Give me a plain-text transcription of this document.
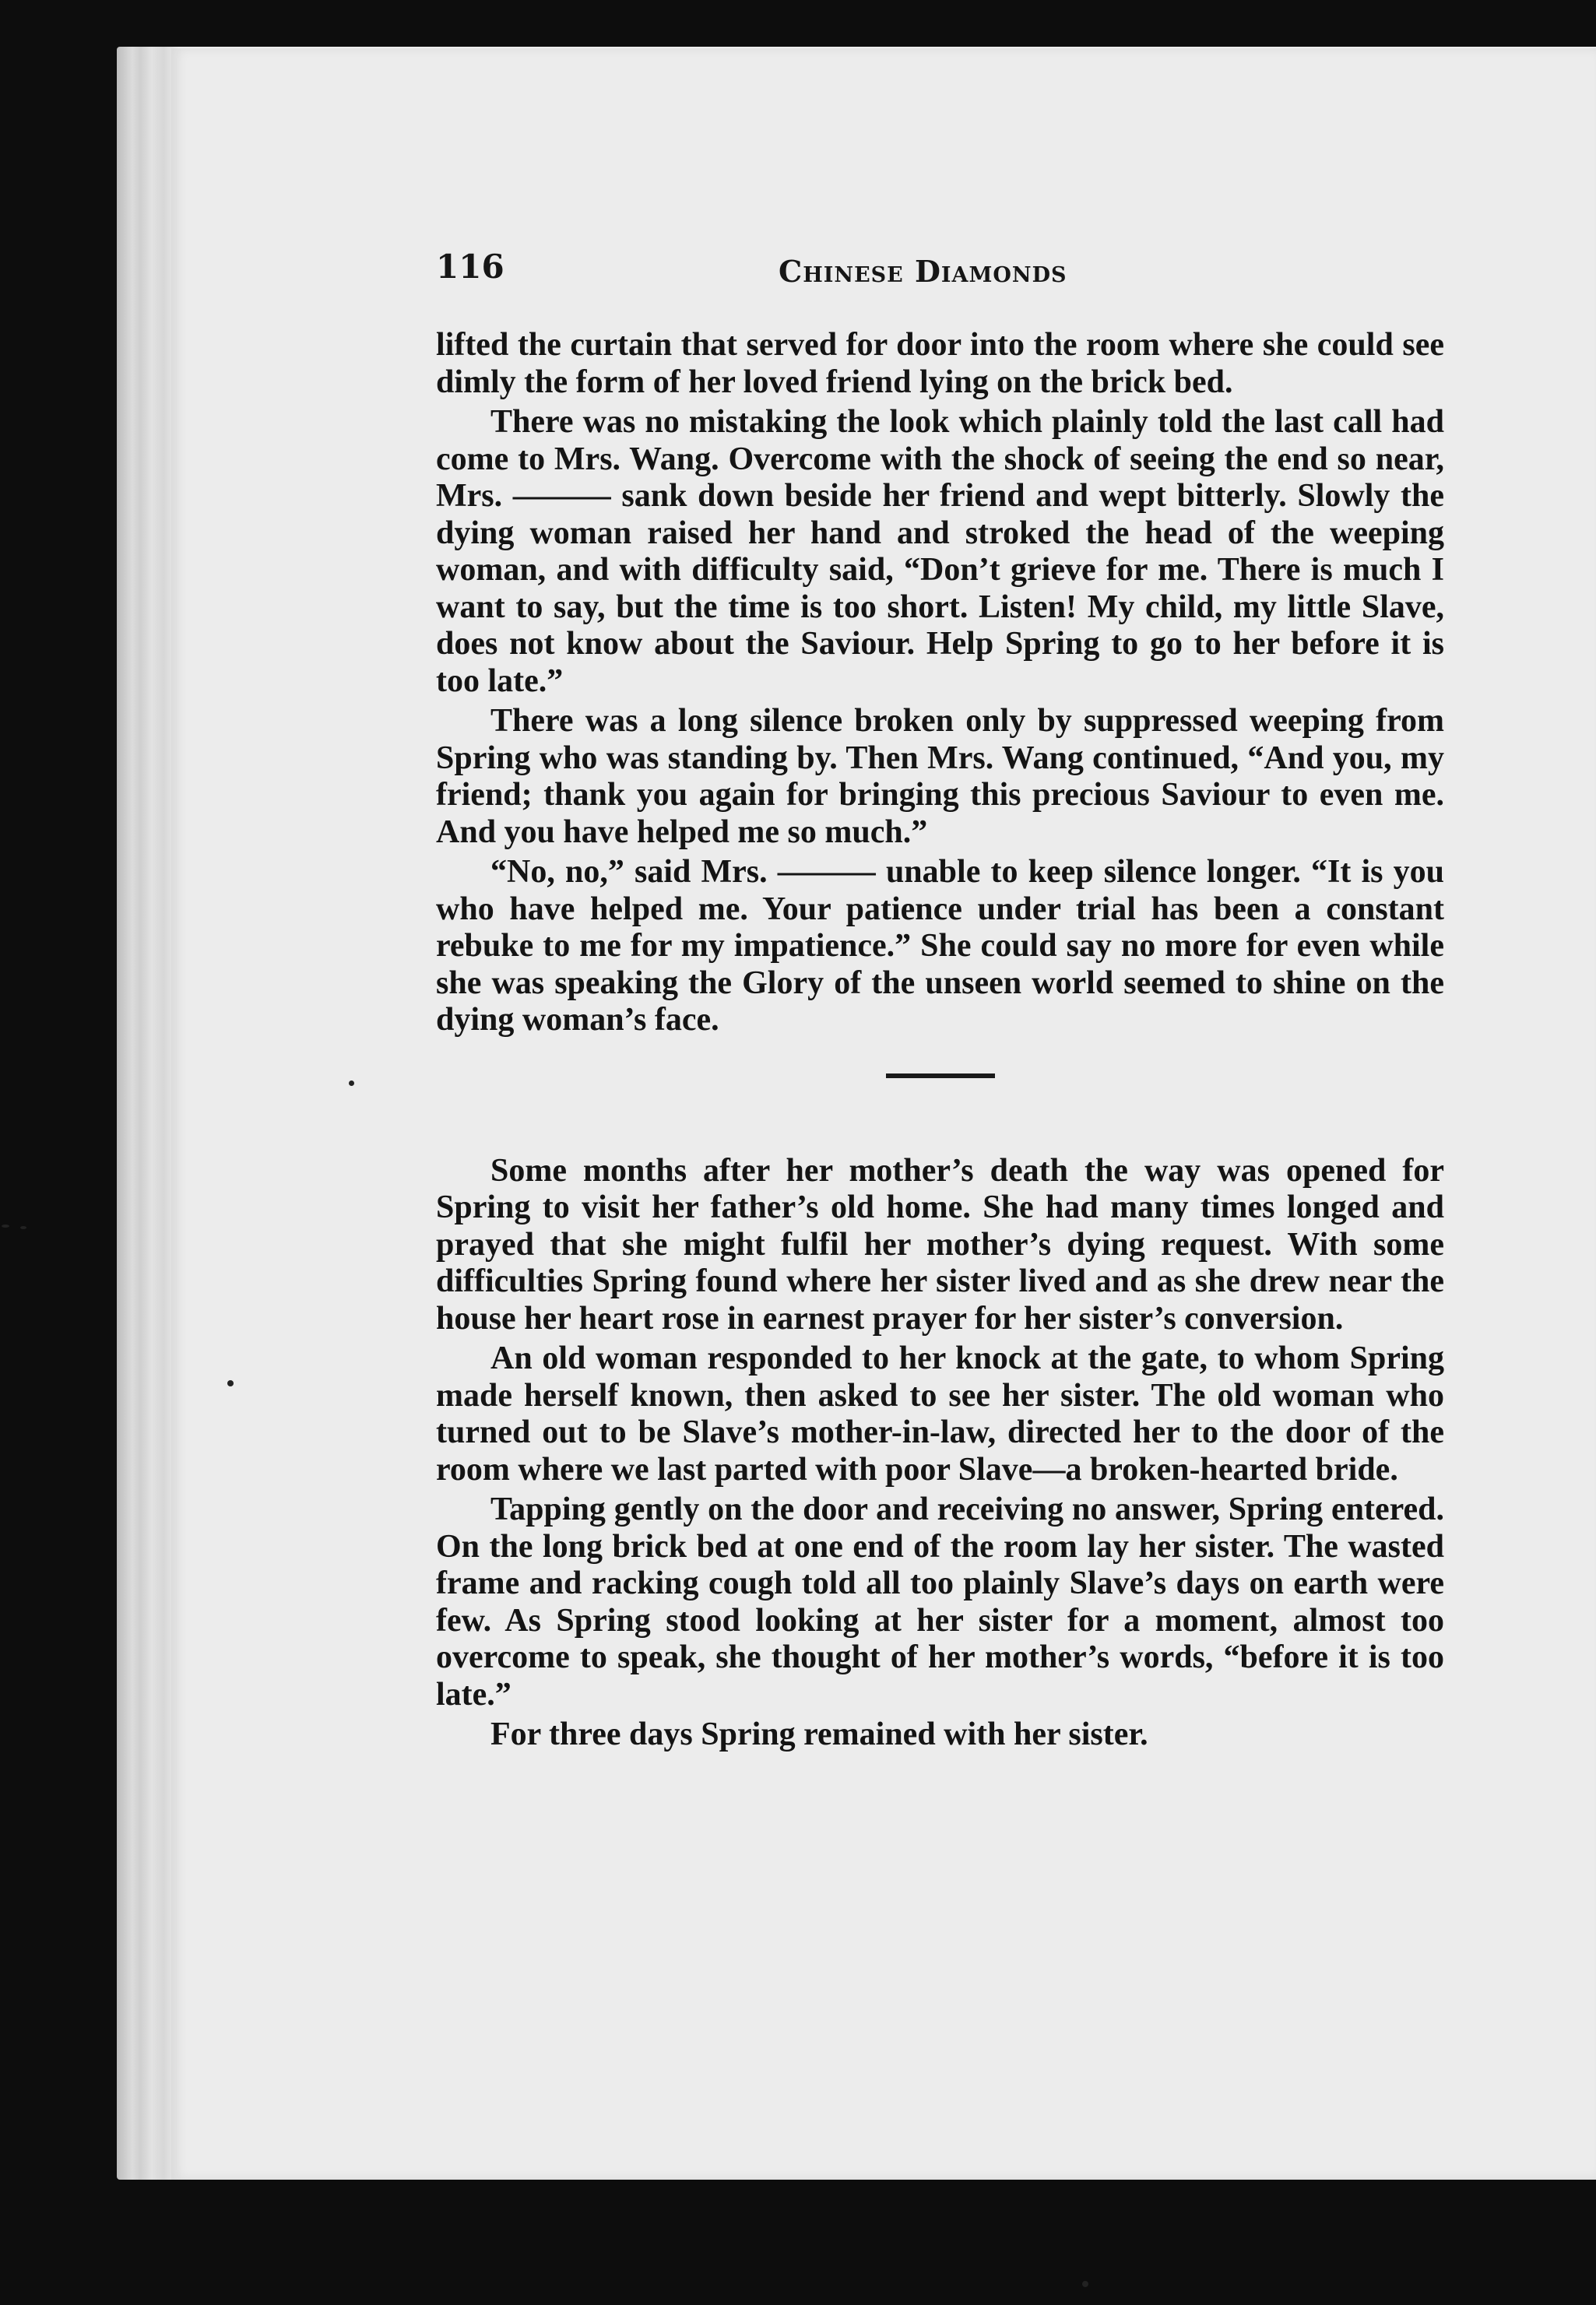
116	Chinese Diamonds

lifted the curtain that served for door into the room where she could see dimly the form of her loved friend lying on the brick bed.

There was no mistaking the look which plainly told the last call had come to Mrs. Wang. Overcome with the shock of seeing the end so near, Mrs. ——— sank down beside her friend and wept bitterly. Slowly the dying woman raised her hand and stroked the head of the weeping woman, and with difficulty said, “Don’t grieve for me. There is much I want to say, but the time is too short. Listen! My child, my little Slave, does not know about the Saviour. Help Spring to go to her before it is too late.”

There was a long silence broken only by suppressed weeping from Spring who was standing by. Then Mrs. Wang continued, “And you, my friend; thank you again for bringing this precious Saviour to even me. And you have helped me so much.”

“No, no,” said Mrs. ——— unable to keep silence longer. “It is you who have helped me. Your patience under trial has been a constant rebuke to me for my impatience.” She could say no more for even while she was speaking the Glory of the unseen world seemed to shine on the dying woman’s face.

Some months after her mother’s death the way was opened for Spring to visit her father’s old home. She had many times longed and prayed that she might fulfil her mother’s dying request. With some difficulties Spring found where her sister lived and as she drew near the house her heart rose in earnest prayer for her sister’s conversion.

An old woman responded to her knock at the gate, to whom Spring made herself known, then asked to see her sister. The old woman who turned out to be Slave’s mother-in-law, directed her to the door of the room where we last parted with poor Slave—a broken-hearted bride.

Tapping gently on the door and receiving no answer, Spring entered. On the long brick bed at one end of the room lay her sister. The wasted frame and racking cough told all too plainly Slave’s days on earth were few. As Spring stood looking at her sister for a moment, almost too overcome to speak, she thought of her mother’s words, “before it is too late.”

For three days Spring remained with her sister.
